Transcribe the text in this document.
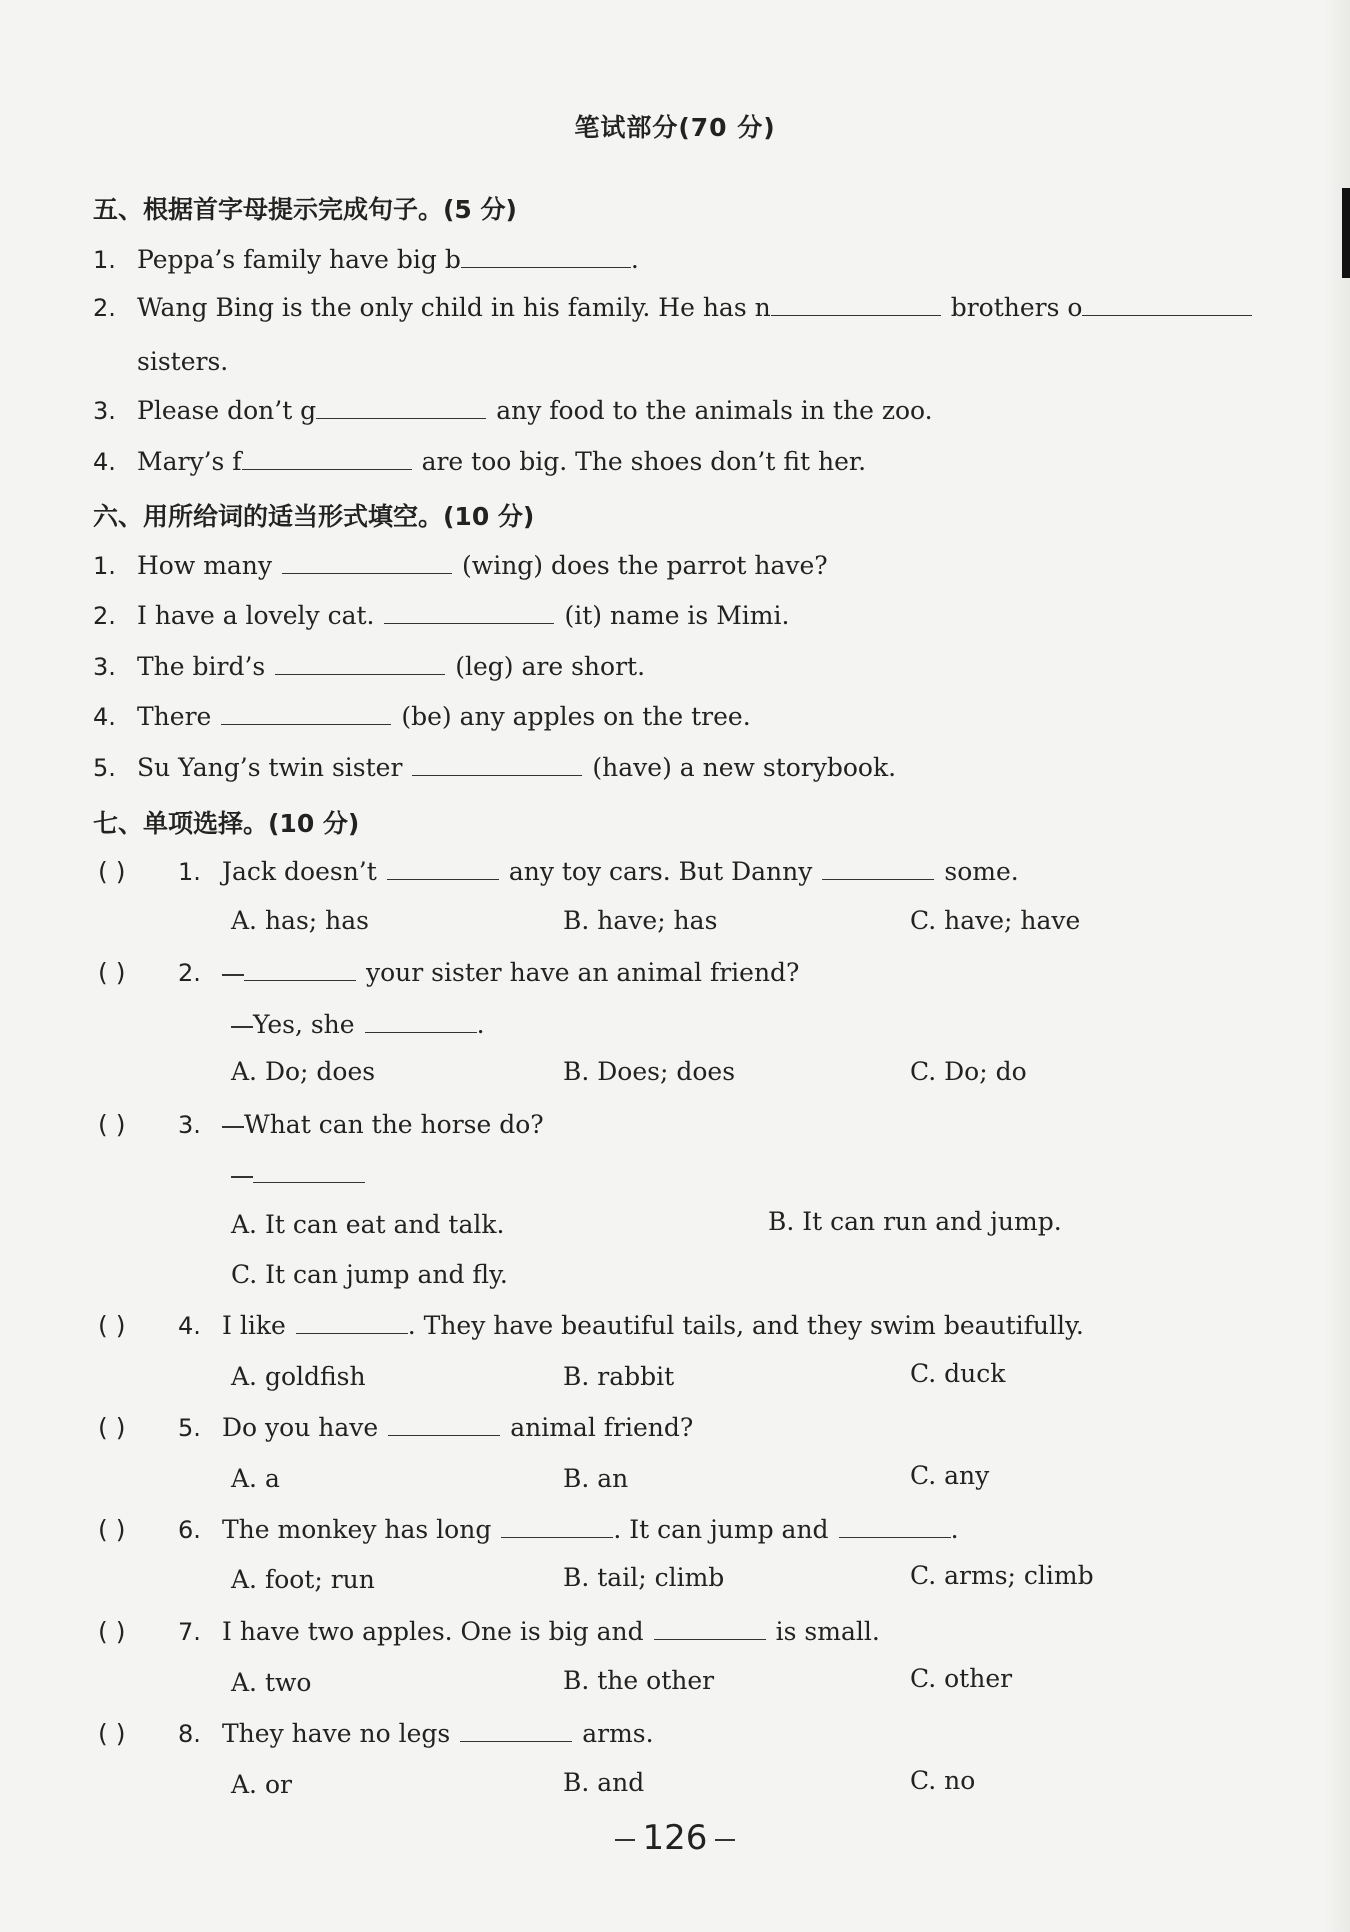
笔试部分(70 分)
五、根据首字母提示完成句子。(5 分)
1. Peppa’s family have big b	.
2. Wang Bing is the only child in his family. He has n	brothers o
sisters.
3. Please don’t g	any food to the animals in the zoo.
4. Mary’s f	are too big. The shoes don’t fit her.
六、用所给词的适当形式填空。(10 分)
1. How many	(wing) does the parrot have?
2. I have a lovely cat.	(it) name is Mimi.
3. The bird’s	(leg) are short.
4. There	(be) any apples on the tree.
5. Su Yang’s twin sister	(have) a new storybook.
七、单项选择。(10 分)
( ) 1. Jack doesn’t	any toy cars. But Danny	some.
A. has; has	B. have; has	C. have; have
( ) 2.	your sister have an animal friend?
Yes, she	.
A. Do; does	B. Does; does	C. Do; do
( ) 3. What can the horse do?
A. It can eat and talk.	B. It can run and jump.
C. It can jump and fly.
( ) 4. I like	. They have beautiful tails, and they swim beautifully.
A. goldfish	B. rabbit	C. duck
( ) 5. Do you have	animal friend?
A. a	B. an	C. any
( ) 6. The monkey has long	. It can jump and	.
A. foot; run	B. tail; climb	C. arms; climb
( ) 7. I have two apples. One is big and	is small.
A. two	B. the other	C. other
( ) 8. They have no legs	arms.
A. or	B. and	C. no
126
